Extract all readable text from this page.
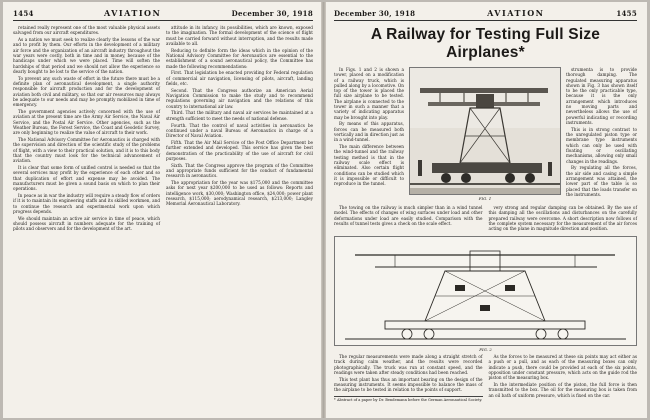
1454	AVIATION	December 30, 1918

retained really represent one of the most valuable physical assets salvaged from our aircraft expenditures.

As a nation we must seek to realize clearly the lessons of the war and to profit by them. Our efforts in the development of a military air force and the organization of an aircraft industry throughout the war years were costly, both in time and in money, because of the handicaps under which we were placed. Time will soften the hardships of that period and we should not allow the experience so dearly bought to be lost to the service of the nation.

To prevent any such waste of effort in the future there must be a definite plan of aeronautical development, a single authority responsible for aircraft production and for the development of aviation both civil and military, so that our air resources may always be adequate to our needs and may be promptly mobilized in time of emergency.

The government agencies actively concerned with the use of aviation at the present time are the Army Air Service, the Naval Air Service, and the Postal Air Service. Other agencies, such as the Weather Bureau, the Forest Service, the Coast and Geodetic Survey, are only beginning to realize the value of aircraft to their work.

The National Advisory Committee for Aeronautics is charged with the supervision and direction of the scientific study of the problems of flight, with a view to their practical solution, and it is to this body that the country must look for the technical advancement of aviation.

It is clear that some form of unified control is needed so that the several services may profit by the experience of each other and so that duplication of effort and expense may be avoided. The manufacturers must be given a sound basis on which to plan their operations.

In peace as in war the industry will require a steady flow of orders if it is to maintain its engineering staffs and its skilled workmen, and to continue the research and experimental work upon which progress depends.

We should maintain an active air service in time of peace, which should possess aircraft in numbers adequate for the training of pilots and observers and for the development of the art.

attitude in its infancy, its possibilities, which are known, exposed to the imagination. The formal development of the science of flight must be carried forward without interruption, and the results made available to all.

Reducing to definite form the ideas which in the opinion of the National Advisory Committee for Aeronautics are essential to the establishment of a sound aeronautical policy, the Committee has made the following recommendations:

First. That legislation be enacted providing for Federal regulation of commercial air navigation, licensing of pilots, aircraft, landing fields, etc.

Second. That the Congress authorize an American Aerial Navigation Commission to make the study and to recommend regulations governing air navigation and the relations of this country to international air law.

Third. That the military and naval air services be maintained at a strength sufficient to meet the needs of national defense.

Fourth. That the control of naval activities in aeronautics be continued under a naval Bureau of Aeronautics in charge of a Director of Naval Aviation.

Fifth. That the Air Mail Service of the Post Office Department be further extended and developed. This service has given the best demonstration of the practicability of the use of aircraft for civil purposes.

Sixth. That the Congress approve the program of the Committee and appropriate funds sufficient for the conduct of fundamental research in aeronautics.

The appropriation for the year was $175,000 and the committee asks for next year $200,000 to be used as follows: Reports and intelligence work, $30,000; Washington office, $24,000; power plant research, $115,000; aerodynamical research, $213,000; Langley Memorial Aeronautical Laboratory.

December 30, 1918	AVIATION	1455
A Railway for Testing Full Size Airplanes*

In Figs. 1 and 2 is shown a tower, placed on a modification of a railway truck, which is pulled along by a locomotive. On top of the tower is placed the full size airplane to be tested. The airplane is connected to the tower in such a manner that a variety of indicating apparatus may be brought into play.

By means of this apparatus, forces can be measured both vertically and in direction just as in a wind-tunnel.

The main difference between the wind-tunnel and the railway testing method is that in the railway scale effect is eliminated. Also certain flight conditions can be studied which it is impossible or difficult to reproduce in the tunnel.

FIG. 1

strumenta is to provide thorough damping. The regulated measuring apparatus shown in Fig. 3 has shown itself to be the only practicable type, because it is the only arrangement which introduces no moving parts and nevertheless allows the use of powerful indicating or recording instruments.

This is in strong contrast to the unregulated piston type or membrane type instruments which can only be used with floating or oscillating mechanisms, allowing only small changes in the readings.

By regulating all the forces, the air side and casing a simple arrangement was attained, the lower part of the table is so placed that the loads transfer on the instruments.

The towing on the railway is much simpler than in a wind tunnel model. The effects of changes of wing surfaces under load and other deformations under load are easily studied. Comparison with the results of tunnel tests gives a check on the scale effect.

very strong and regular damping can be obtained. By the use of this damping all the oscillations and disturbances on the carefully prepared railway were overcome. A short description now follows of the complete system necessary for the measurement of the air forces acting on the plane in magnitude direction and position.

FIG. 2

The regular measurements were made along a straight stretch of track during calm weather, and the results were recorded photographically. The truck was run at constant speed, and the readings were taken after steady conditions had been reached.

This test plant has thus an important bearing on the design of the measuring instruments. It seems impossible to balance the mass of the airplane to be tested in relation to the points of support.

* Abstract of a paper by Dr. Bendemann before the German Aeronautical Society.

As the forces to be measured at these six points may act either as a push or a pull, and as each of the measuring boxes can only indicate a push, there could be provided at each of the six points, opposition under constant pressure, which acts on the guide rod the piston of the measuring box.

In the intermediate position of the piston, the full force is then transmitted to the box. The oil for the measuring box is taken from an oil bath of uniform pressure, which is fixed on the car.
